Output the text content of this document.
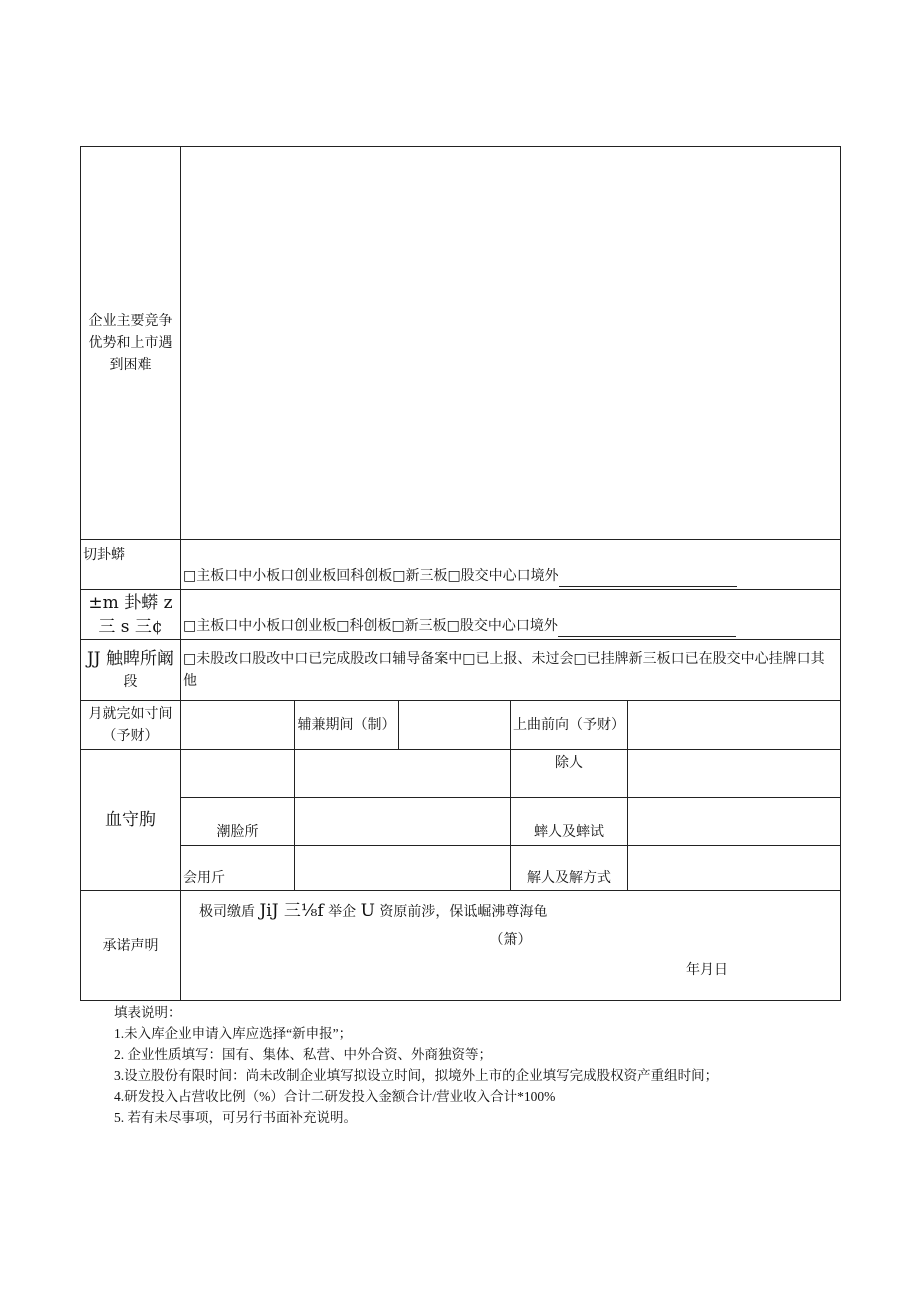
企业主要竞争优势和上市遇到困难					
切卦蟒	□主板口中小板口创业板回科创板□新三板□股交中心口境外				

±m 卦蟒 z
三 s 三¢	□主板口中小板口创业板□科创板□新三板□股交中心口境外				

JJ 触睥所阚
段	□未股改口股改中口已完成股改口辅导备案中□已上报、未过会□已挂牌新三板口已在股交中心挂牌口其他				
月就完如寸间（予财）		辅兼期间（制）		上曲前向（予财）	
血守朐				除人	
	潮脸所			蟀人及蟀试	
	会用斤			解人及解方式	
承诺声明	极司缴盾 JiJ 三⅛f 举企 U 资原前涉，保诋崛沸尊海龟
（箫）
年月日				
填表说明：
1.未入库企业申请入库应选择“新申报”；
2. 企业性质填写：国有、集体、私营、中外合资、外商独资等；
3.设立股份有限时间：尚未改制企业填写拟设立时间，拟境外上市的企业填写完成股权资产重组时间；
4.研发投入占营收比例（%）合计二研发投入金额合计/营业收入合计*100%
5. 若有未尽事项，可另行书面补充说明。
